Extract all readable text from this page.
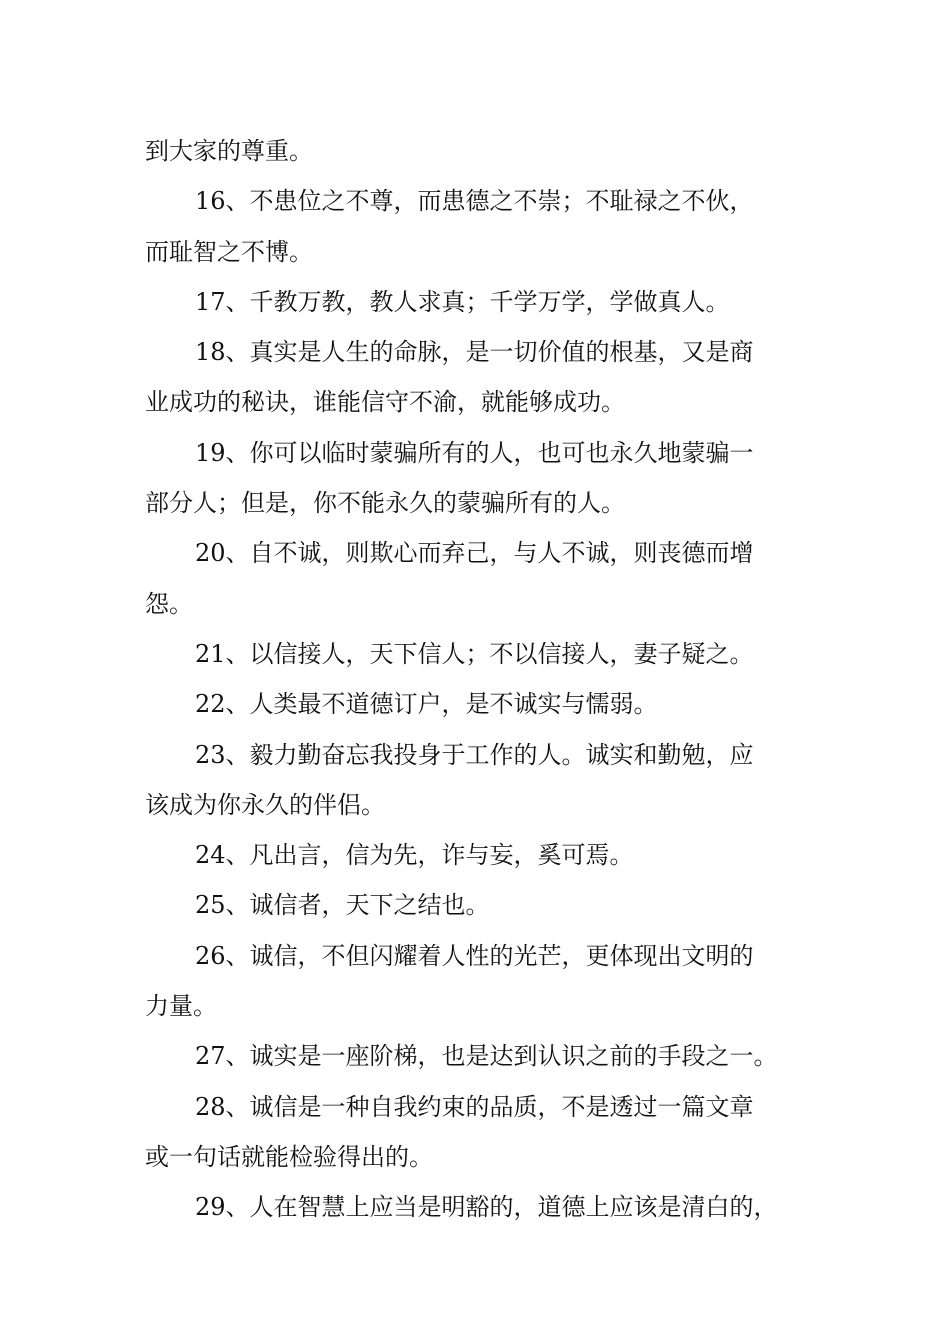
到大家的尊重。
16、不患位之不尊，而患德之不崇；不耻禄之不伙，
而耻智之不博。
17、千教万教，教人求真；千学万学，学做真人。
18、真实是人生的命脉，是一切价值的根基，又是商
业成功的秘诀，谁能信守不渝，就能够成功。
19、你可以临时蒙骗所有的人，也可也永久地蒙骗一
部分人；但是，你不能永久的蒙骗所有的人。
20、自不诚，则欺心而弃己，与人不诚，则丧德而增
怨。
21、以信接人，天下信人；不以信接人，妻子疑之。
22、人类最不道德订户，是不诚实与懦弱。
23、毅力勤奋忘我投身于工作的人。诚实和勤勉，应
该成为你永久的伴侣。
24、凡出言，信为先，诈与妄，奚可焉。
25、诚信者，天下之结也。
26、诚信，不但闪耀着人性的光芒，更体现出文明的
力量。
27、诚实是一座阶梯，也是达到认识之前的手段之一。
28、诚信是一种自我约束的品质，不是透过一篇文章
或一句话就能检验得出的。
29、人在智慧上应当是明豁的，道德上应该是清白的，
